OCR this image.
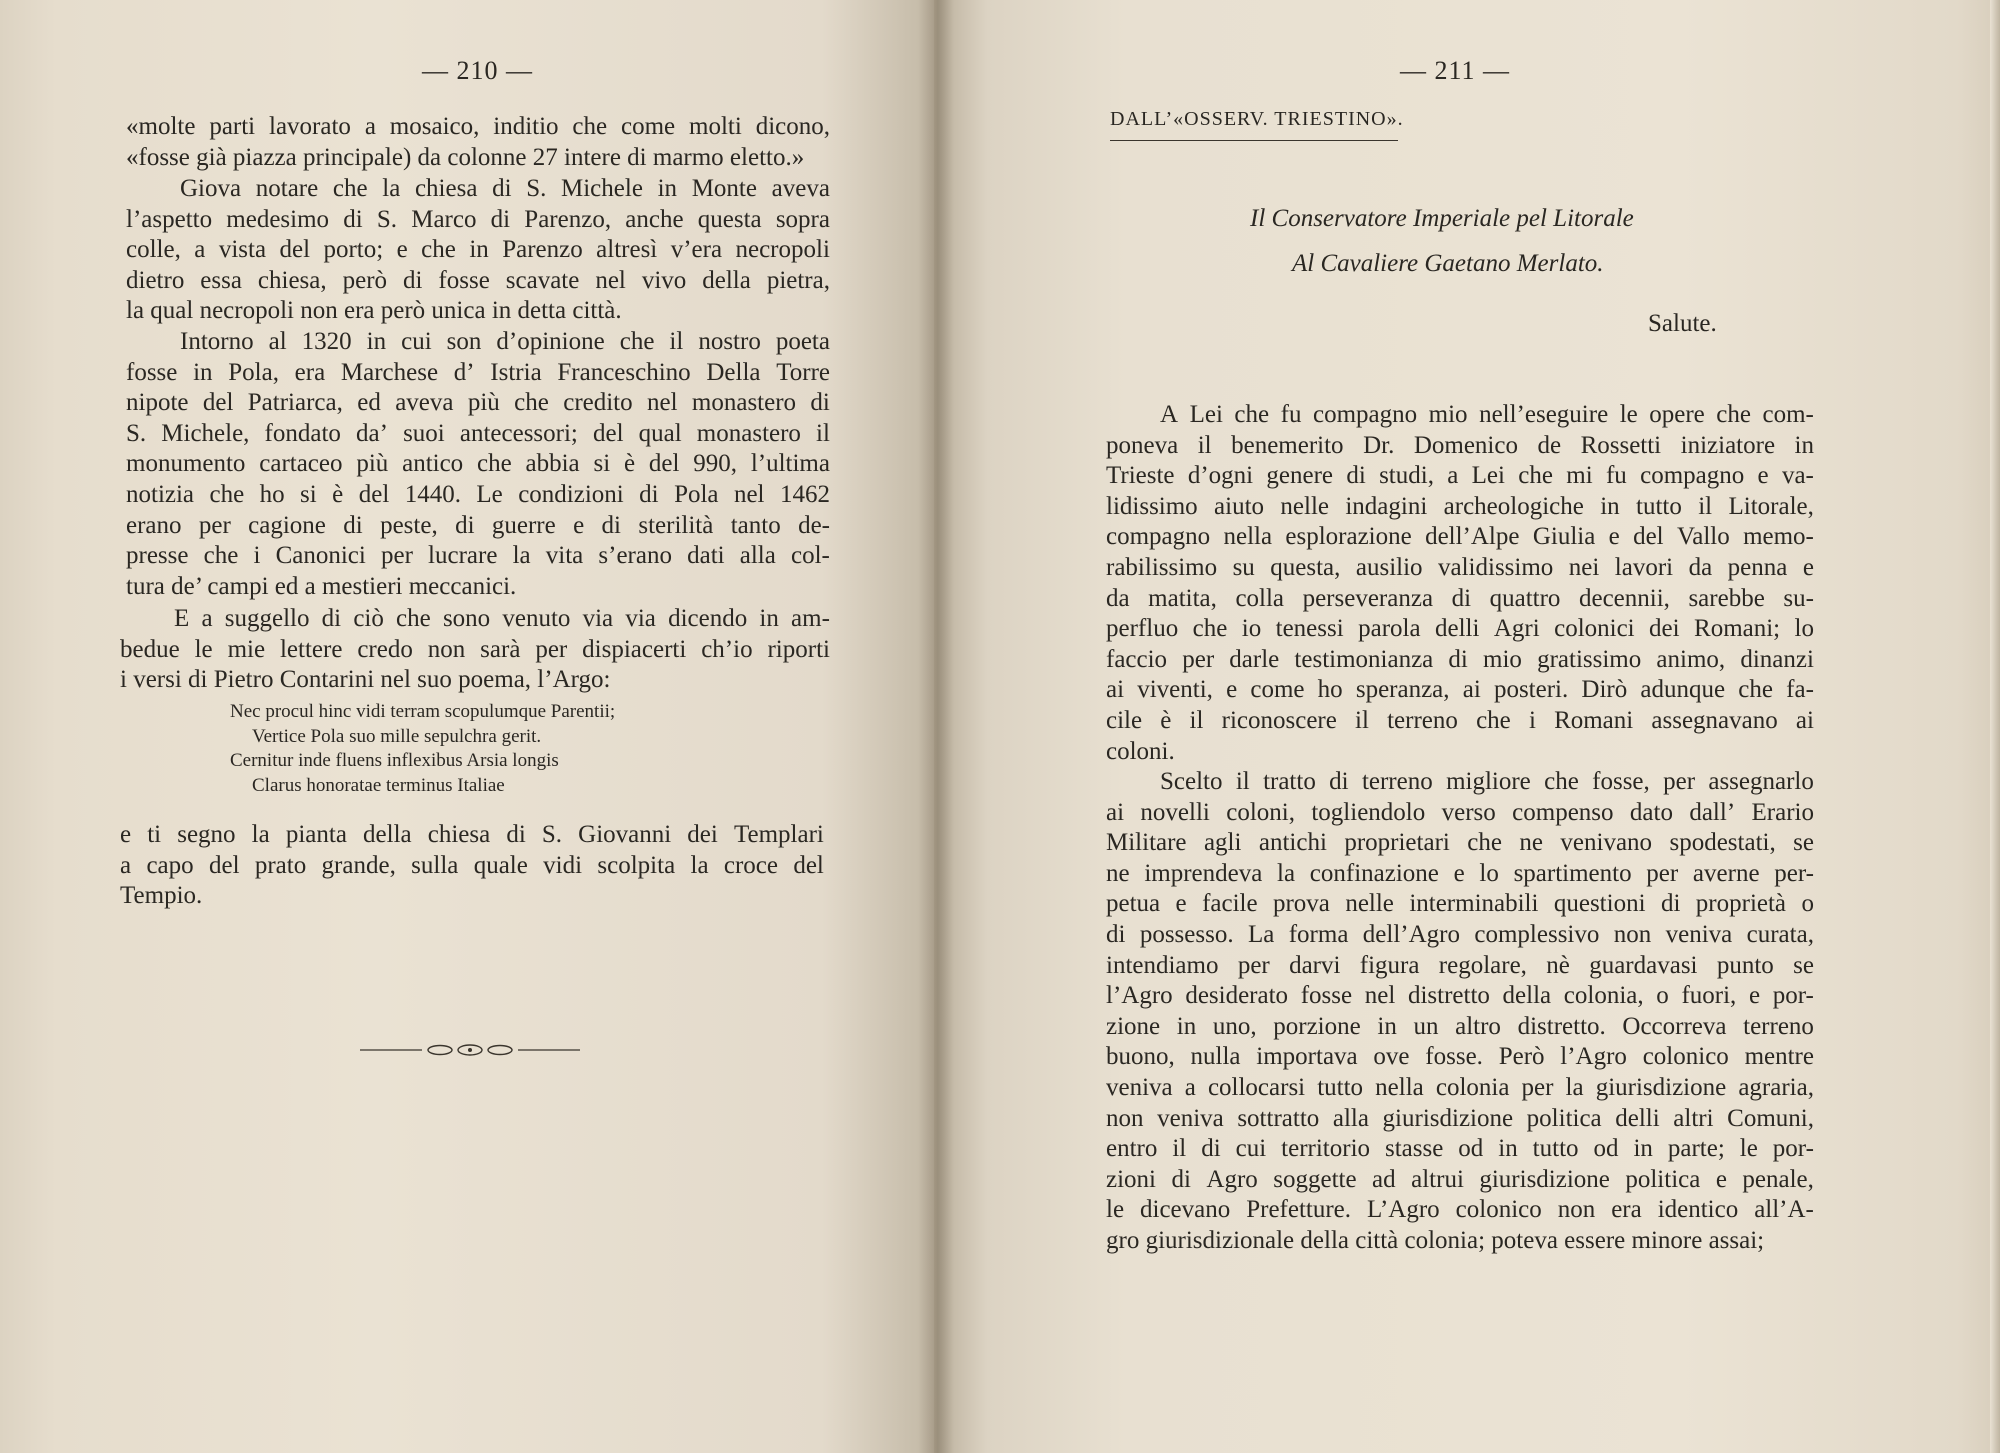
— 210 —
«molte parti lavorato a mosaico, inditio che come molti dicono,
«fosse già piazza principale) da colonne 27 intere di marmo eletto.»
Giova notare che la chiesa di S. Michele in Monte aveva
l’aspetto medesimo di S. Marco di Parenzo, anche questa sopra
colle, a vista del porto; e che in Parenzo altresì v’era necropoli
dietro essa chiesa, però di fosse scavate nel vivo della pietra,
la qual necropoli non era però unica in detta città.
Intorno al 1320 in cui son d’opinione che il nostro poeta
fosse in Pola, era Marchese d’ Istria Franceschino Della Torre
nipote del Patriarca, ed aveva più che credito nel monastero di
S. Michele, fondato da’ suoi antecessori; del qual monastero il
monumento cartaceo più antico che abbia si è del 990, l’ultima
notizia che ho si è del 1440. Le condizioni di Pola nel 1462
erano per cagione di peste, di guerre e di sterilità tanto de-
presse che i Canonici per lucrare la vita s’erano dati alla col-
tura de’ campi ed a mestieri meccanici.
E a suggello di ciò che sono venuto via via dicendo in am-
bedue le mie lettere credo non sarà per dispiacerti ch’io riporti
i versi di Pietro Contarini nel suo poema, l’Argo:
Nec procul hinc vidi terram scopulumque Parentii;
Vertice Pola suo mille sepulchra gerit.
Cernitur inde fluens inflexibus Arsia longis
Clarus honoratae terminus Italiae
e ti segno la pianta della chiesa di S. Giovanni dei Templari
a capo del prato grande, sulla quale vidi scolpita la croce del
Tempio.
— 211 —
DALL’«OSSERV. TRIESTINO».
Il Conservatore Imperiale pel Litorale
Al Cavaliere Gaetano Merlato.
Salute.
A Lei che fu compagno mio nell’eseguire le opere che com-
poneva il benemerito Dr. Domenico de Rossetti iniziatore in
Trieste d’ogni genere di studi, a Lei che mi fu compagno e va-
lidissimo aiuto nelle indagini archeologiche in tutto il Litorale,
compagno nella esplorazione dell’Alpe Giulia e del Vallo memo-
rabilissimo su questa, ausilio validissimo nei lavori da penna e
da matita, colla perseveranza di quattro decennii, sarebbe su-
perfluo che io tenessi parola delli Agri colonici dei Romani; lo
faccio per darle testimonianza di mio gratissimo animo, dinanzi
ai viventi, e come ho speranza, ai posteri. Dirò adunque che fa-
cile è il riconoscere il terreno che i Romani assegnavano ai
coloni.
Scelto il tratto di terreno migliore che fosse, per assegnarlo
ai novelli coloni, togliendolo verso compenso dato dall’ Erario
Militare agli antichi proprietari che ne venivano spodestati, se
ne imprendeva la confinazione e lo spartimento per averne per-
petua e facile prova nelle interminabili questioni di proprietà o
di possesso. La forma dell’Agro complessivo non veniva curata,
intendiamo per darvi figura regolare, nè guardavasi punto se
l’Agro desiderato fosse nel distretto della colonia, o fuori, e por-
zione in uno, porzione in un altro distretto. Occorreva terreno
buono, nulla importava ove fosse. Però l’Agro colonico mentre
veniva a collocarsi tutto nella colonia per la giurisdizione agraria,
non veniva sottratto alla giurisdizione politica delli altri Comuni,
entro il di cui territorio stasse od in tutto od in parte; le por-
zioni di Agro soggette ad altrui giurisdizione politica e penale,
le dicevano Prefetture. L’Agro colonico non era identico all’A-
gro giurisdizionale della città colonia; poteva essere minore assai;
